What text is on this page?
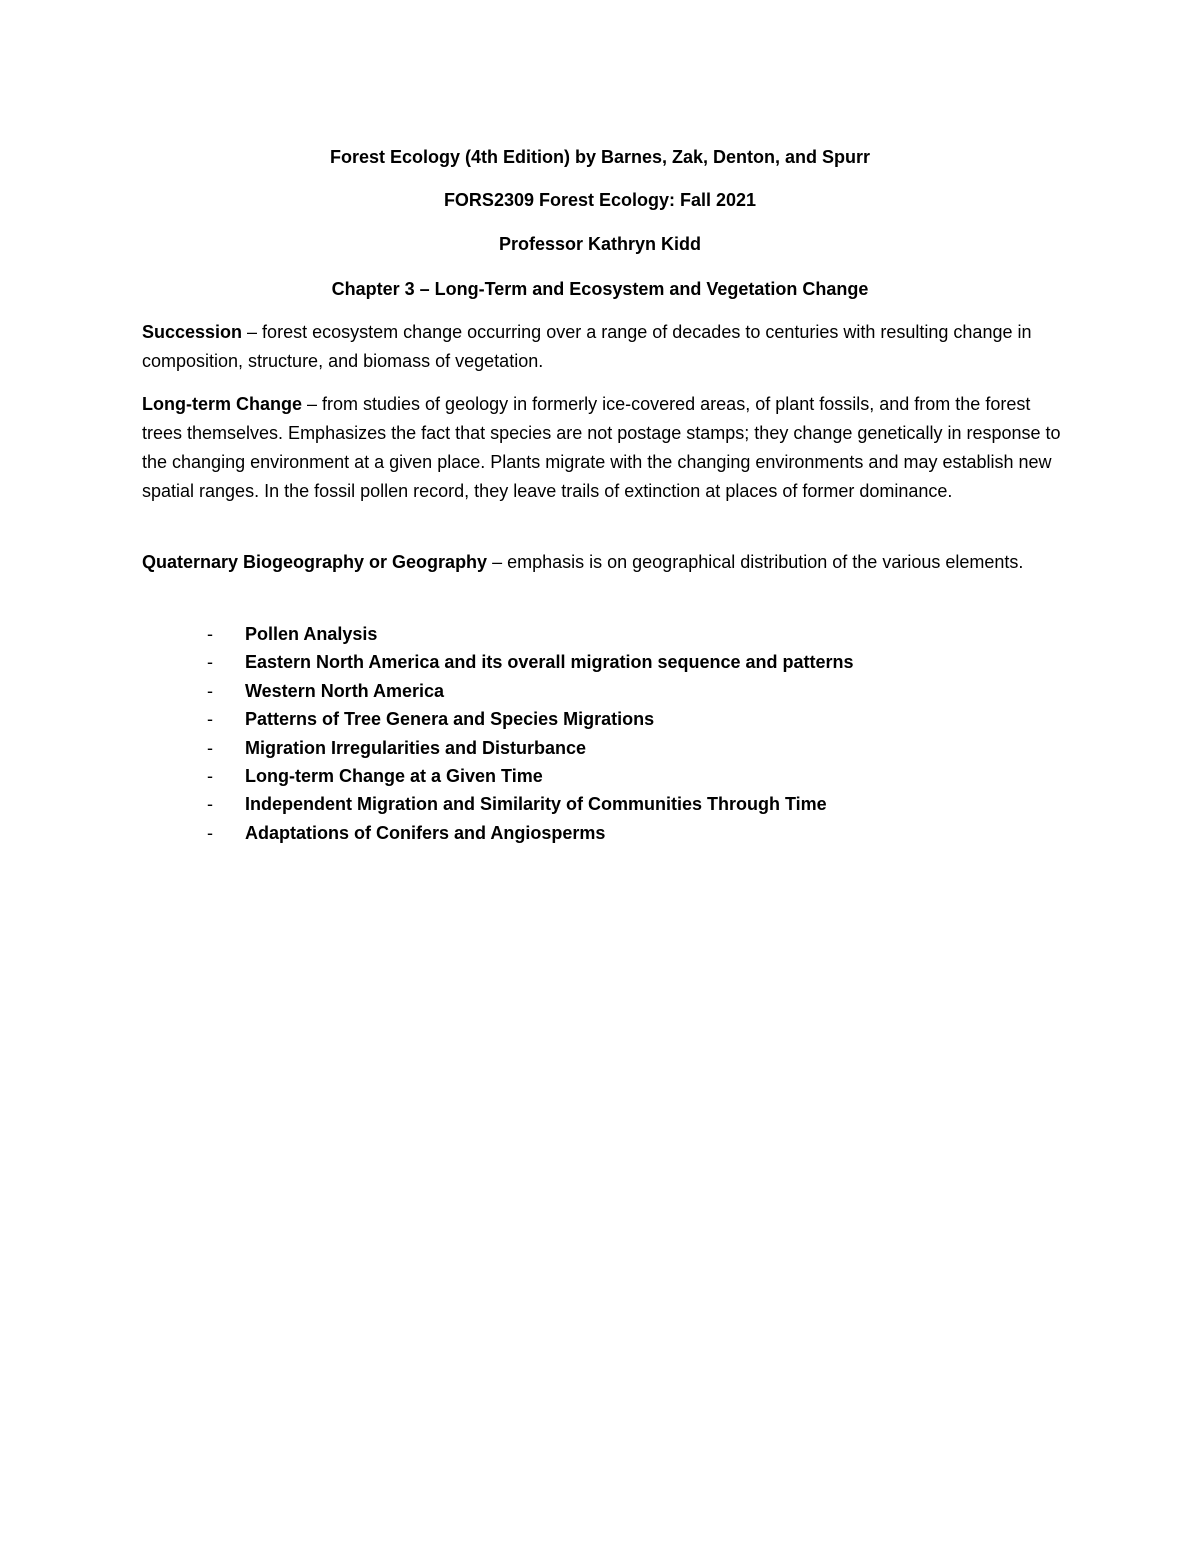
Forest Ecology (4th Edition) by Barnes, Zak, Denton, and Spurr
FORS2309 Forest Ecology: Fall 2021
Professor Kathryn Kidd
Chapter 3 – Long-Term and Ecosystem and Vegetation Change

Succession – forest ecosystem change occurring over a range of decades to centuries with resulting change in composition, structure, and biomass of vegetation.

Long-term Change – from studies of geology in formerly ice-covered areas, of plant fossils, and from the forest trees themselves. Emphasizes the fact that species are not postage stamps; they change genetically in response to the changing environment at a given place. Plants migrate with the changing environments and may establish new spatial ranges. In the fossil pollen record, they leave trails of extinction at places of former dominance.

Quaternary Biogeography or Geography – emphasis is on geographical distribution of the various elements.

- Pollen Analysis
- Eastern North America and its overall migration sequence and patterns
- Western North America
- Patterns of Tree Genera and Species Migrations
- Migration Irregularities and Disturbance
- Long-term Change at a Given Time
- Independent Migration and Similarity of Communities Through Time
- Adaptations of Conifers and Angiosperms
